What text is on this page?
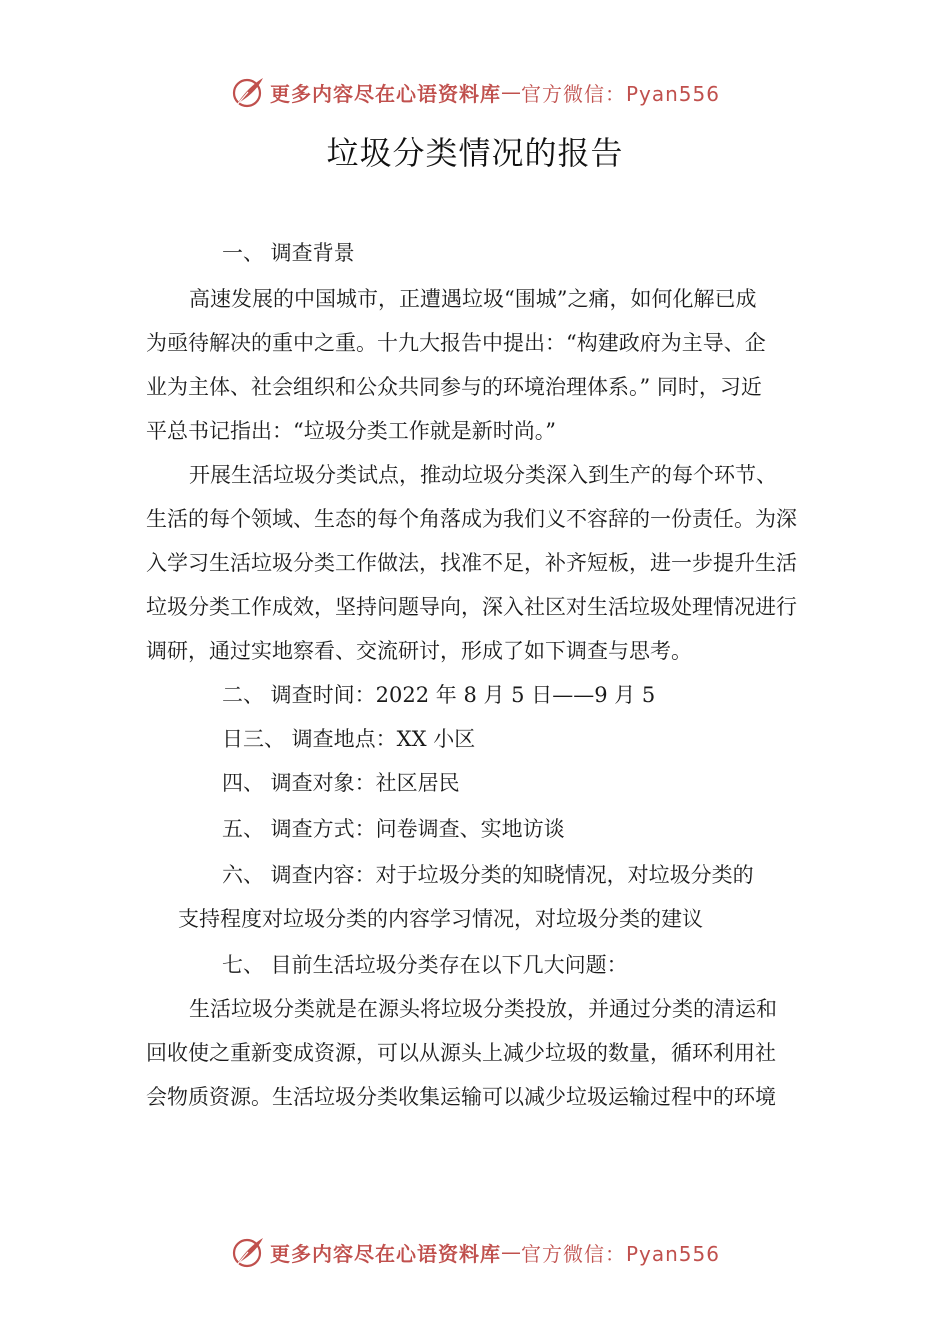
更多内容尽在心语资料库 — 官方微信：Pyan556
垃圾分类情况的报告
一、 调查背景
高速发展的中国城市，正遭遇垃圾“围城”之痛，如何化解已成
为亟待解决的重中之重。十九大报告中提出：“构建政府为主导、企
业为主体、社会组织和公众共同参与的环境治理体系。” 同时，习近
平总书记指出：“垃圾分类工作就是新时尚。”
开展生活垃圾分类试点，推动垃圾分类深入到生产的每个环节、
生活的每个领域、生态的每个角落成为我们义不容辞的一份责任。为深
入学习生活垃圾分类工作做法，找准不足，补齐短板，进一步提升生活
垃圾分类工作成效，坚持问题导向，深入社区对生活垃圾处理情况进行
调研，通过实地察看、交流研讨，形成了如下调查与思考。
二、 调查时间：2022 年 8 月 5 日——9 月 5
日三、 调查地点：XX 小区
四、 调查对象：社区居民
五、 调查方式：问卷调查、实地访谈
六、 调查内容：对于垃圾分类的知晓情况，对垃圾分类的
支持程度对垃圾分类的内容学习情况，对垃圾分类的建议
七、 目前生活垃圾分类存在以下几大问题：
生活垃圾分类就是在源头将垃圾分类投放，并通过分类的清运和
回收使之重新变成资源，可以从源头上减少垃圾的数量，循环利用社
会物质资源。生活垃圾分类收集运输可以减少垃圾运输过程中的环境
更多内容尽在心语资料库 — 官方微信：Pyan556
